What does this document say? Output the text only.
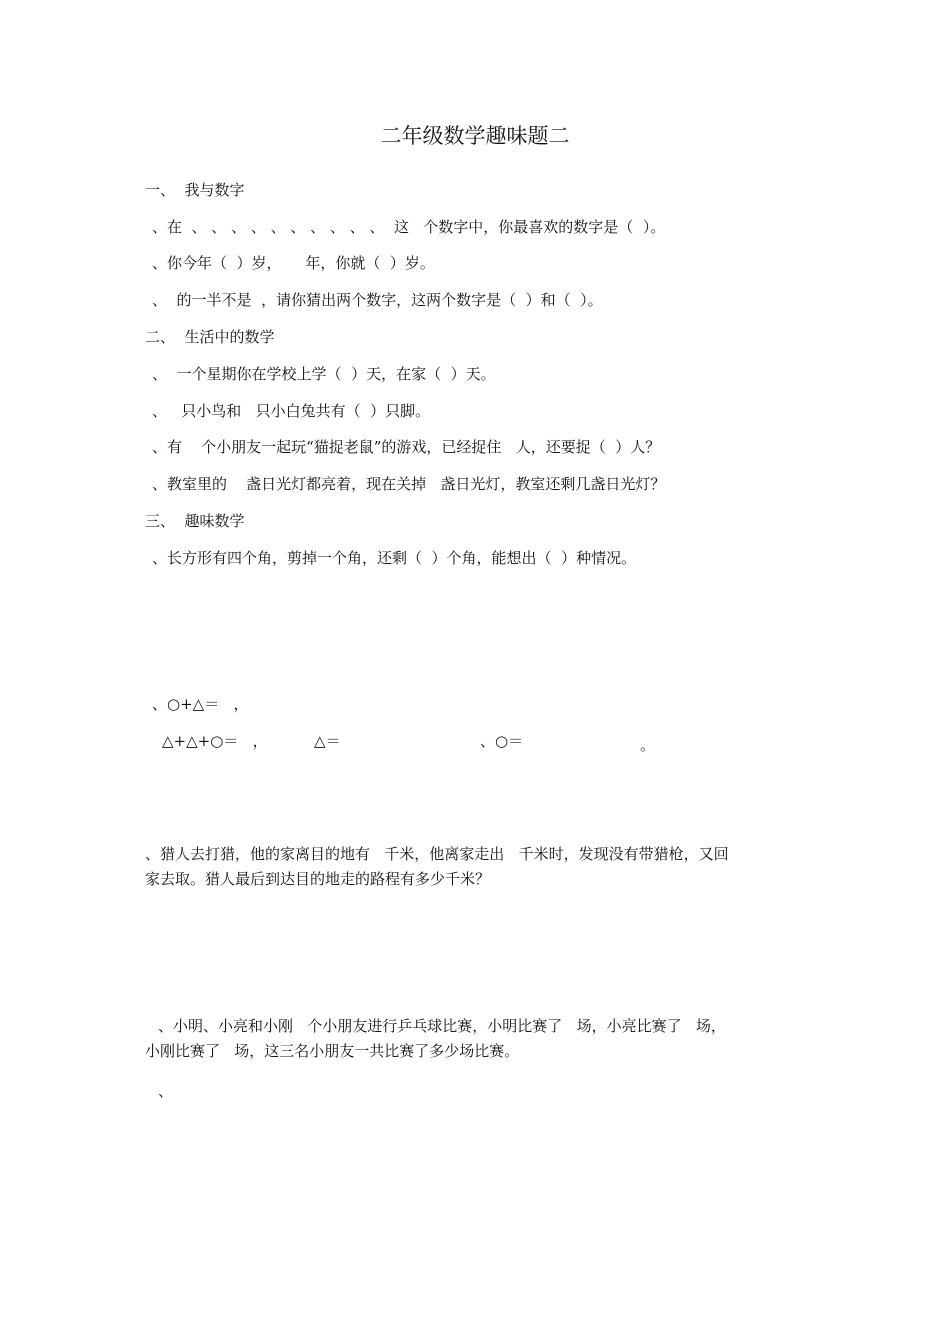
二年级数学趣味题二
一、  我与数字
、在  、 、 、 、 、 、 、 、 、 、  这   个数字中，你最喜欢的数字是（  ）。
、你今年（  ）岁，     年，你就（  ）岁。
、  的一半不是  ，请你猜出两个数字，这两个数字是（  ）和（  ）。
二、  生活中的数学
、  一个星期你在学校上学（  ）天，在家（  ）天。
、   只小鸟和   只小白兔共有（  ）只脚。
、有    个小朋友一起玩“猫捉老鼠”的游戏，已经捉住   人，还要捉（  ）人？
、教室里的    盏日光灯都亮着，现在关掉   盏日光灯，教室还剩几盏日光灯？
三、  趣味数学
、长方形有四个角，剪掉一个角，还剩（  ）个角，能想出（  ）种情况。
、○+△＝   ，
△+△+○＝   ，	△＝	、○＝	。
、猎人去打猎，他的家离目的地有   千米，他离家走出   千米时，发现没有带猎枪，又回
家去取。猎人最后到达目的地走的路程有多少千米？
、小明、小亮和小刚   个小朋友进行乒乓球比赛，小明比赛了   场，小亮比赛了   场，
小刚比赛了   场，这三名小朋友一共比赛了多少场比赛。
、
